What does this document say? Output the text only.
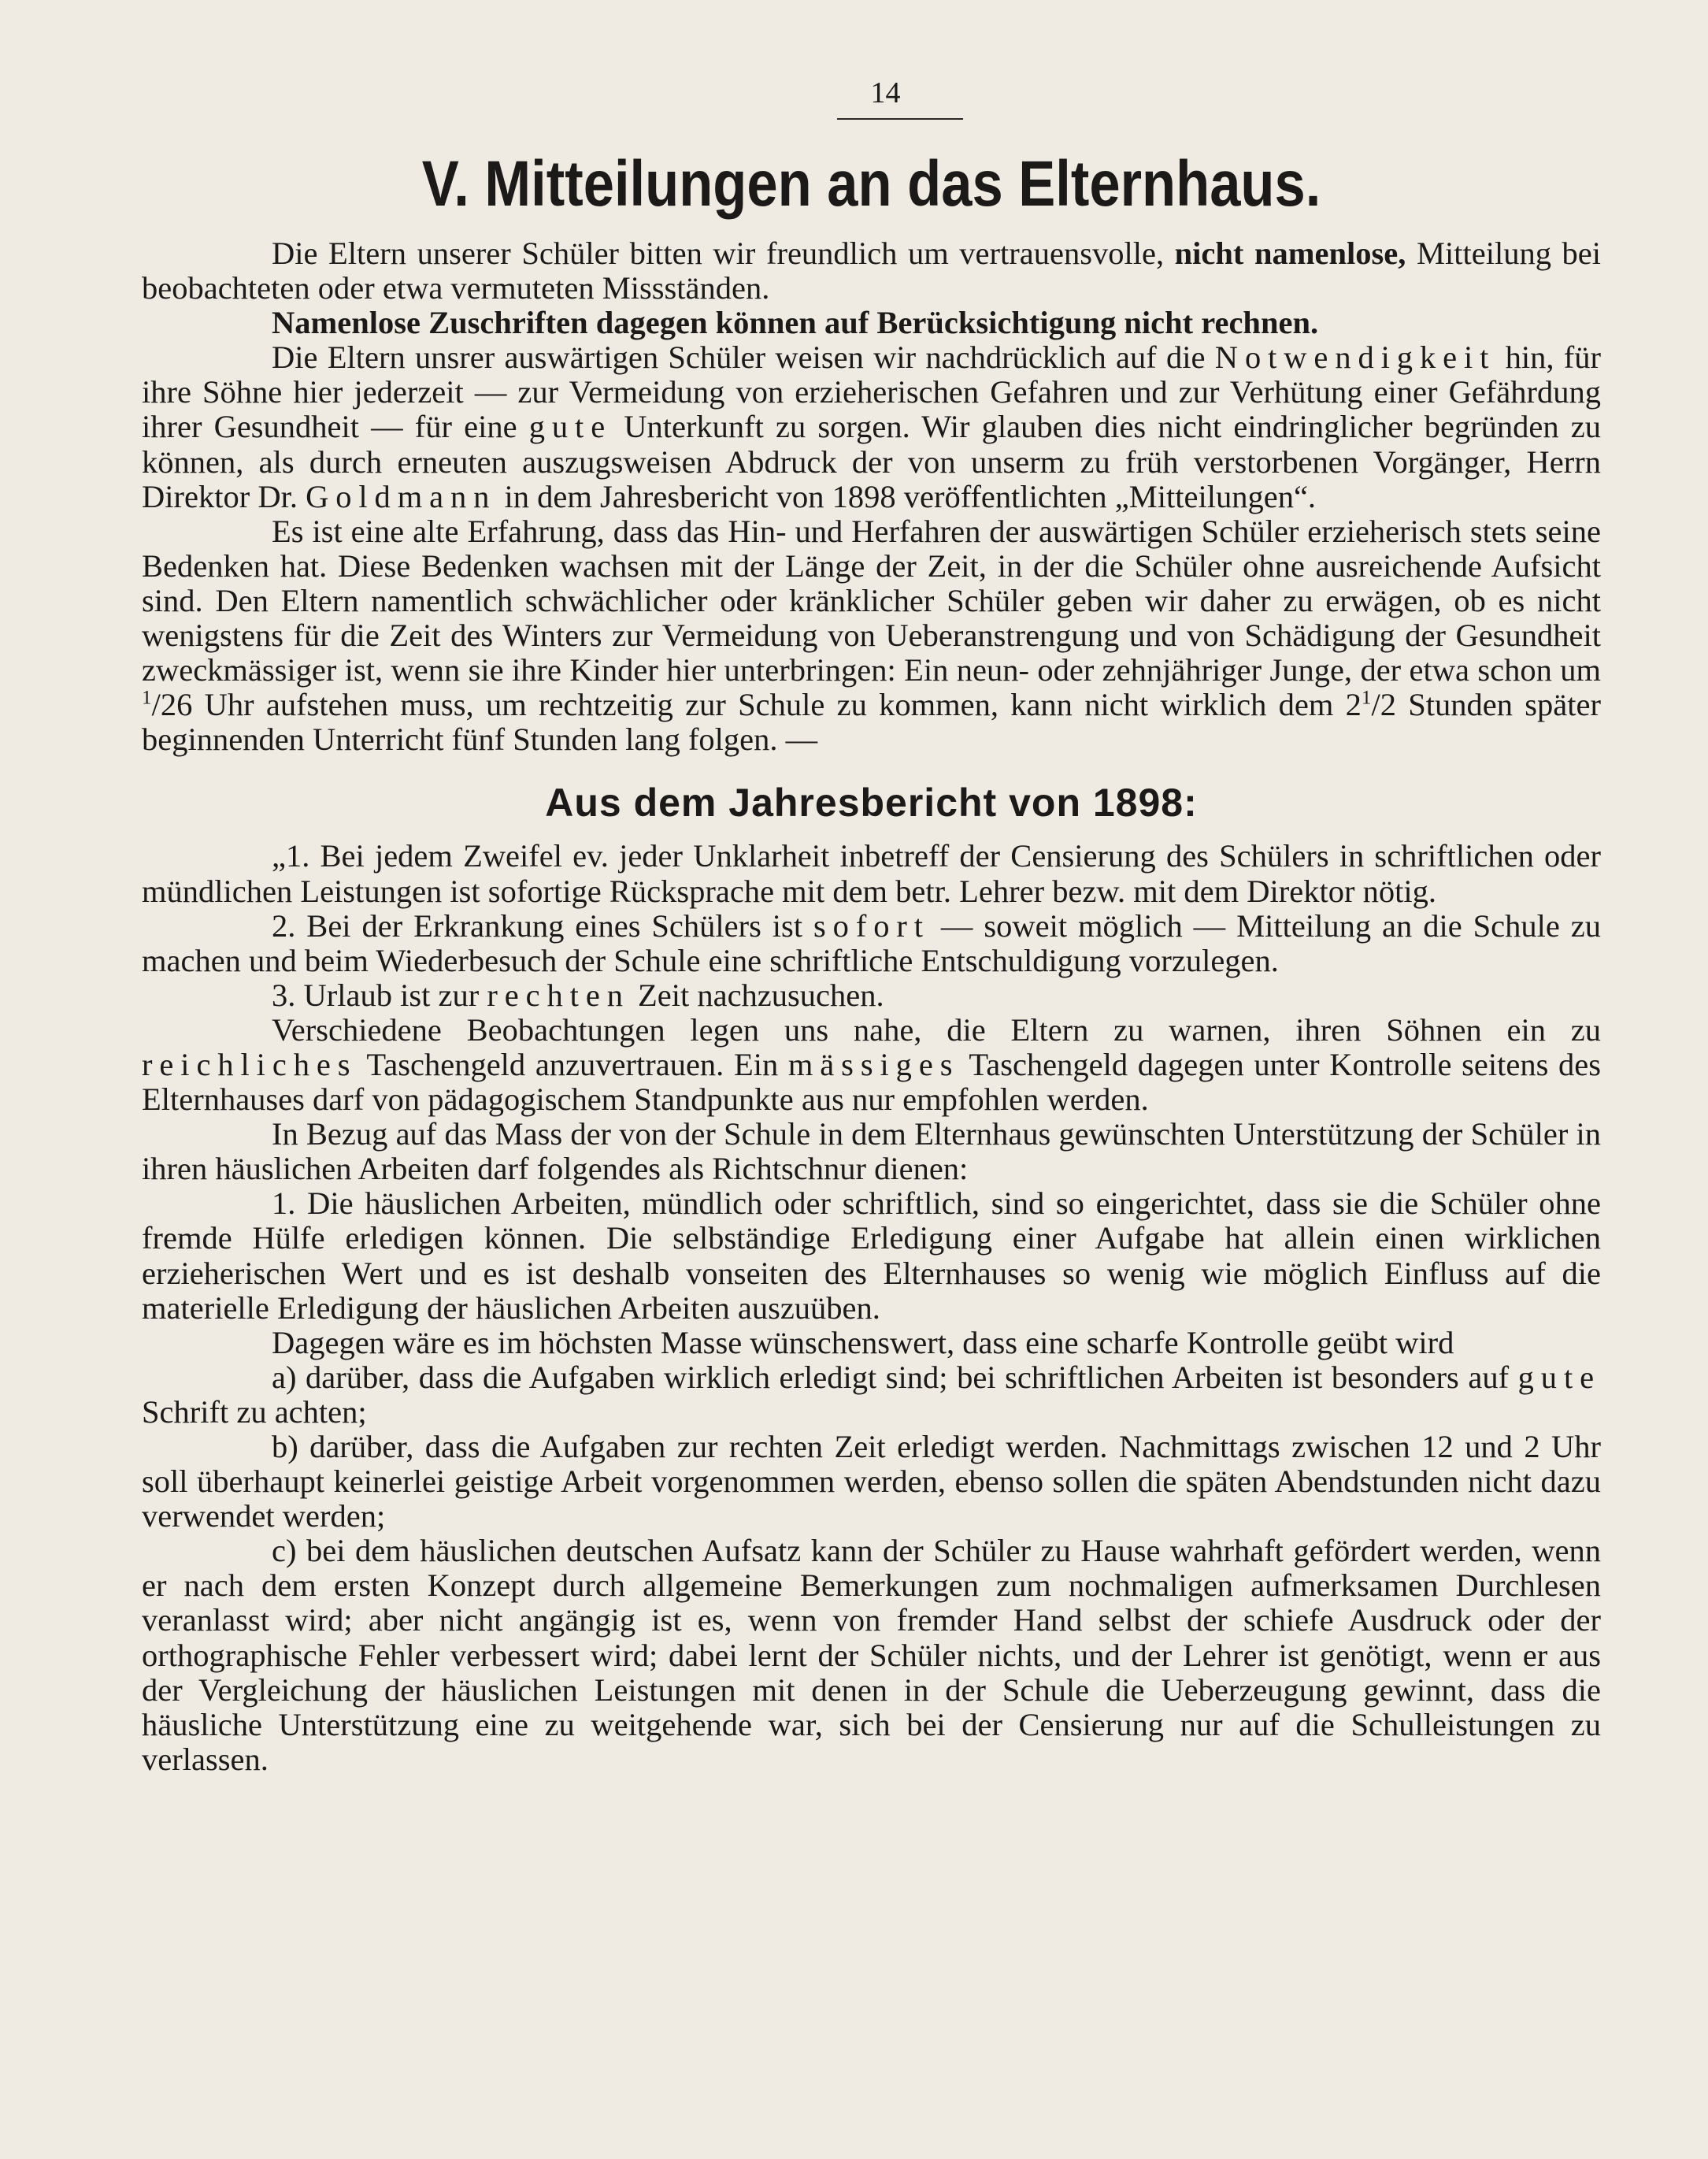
14
V. Mitteilungen an das Elternhaus.

Die Eltern unserer Schüler bitten wir freundlich um vertrauensvolle, nicht namenlose, Mitteilung bei beobachteten oder etwa vermuteten Missständen.

Namenlose Zuschriften dagegen können auf Berücksichtigung nicht rechnen.

Die Eltern unsrer auswärtigen Schüler weisen wir nachdrücklich auf die Notwendigkeit hin, für ihre Söhne hier jederzeit — zur Vermeidung von erzieherischen Gefahren und zur Verhütung einer Gefährdung ihrer Gesundheit — für eine gute Unterkunft zu sorgen. Wir glauben dies nicht eindringlicher begründen zu können, als durch erneuten auszugsweisen Abdruck der von unserm zu früh verstorbenen Vorgänger, Herrn Direktor Dr. Goldmann in dem Jahresbericht von 1898 veröffentlichten „Mitteilungen“.

Es ist eine alte Erfahrung, dass das Hin- und Herfahren der auswärtigen Schüler erzieherisch stets seine Bedenken hat. Diese Bedenken wachsen mit der Länge der Zeit, in der die Schüler ohne ausreichende Aufsicht sind. Den Eltern namentlich schwächlicher oder kränklicher Schüler geben wir daher zu erwägen, ob es nicht wenigstens für die Zeit des Winters zur Vermeidung von Ueberanstrengung und von Schädigung der Gesundheit zweckmässiger ist, wenn sie ihre Kinder hier unterbringen: Ein neun- oder zehnjähriger Junge, der etwa schon um $^1$/26 Uhr aufstehen muss, um rechtzeitig zur Schule zu kommen, kann nicht wirklich dem $2^1/2$ Stunden später beginnenden Unterricht fünf Stunden lang folgen. —

Aus dem Jahresbericht von 1898:

„1. Bei jedem Zweifel ev. jeder Unklarheit inbetreff der Censierung des Schülers in schriftlichen oder mündlichen Leistungen ist sofortige Rücksprache mit dem betr. Lehrer bezw. mit dem Direktor nötig.

2. Bei der Erkrankung eines Schülers ist sofort — soweit möglich — Mitteilung an die Schule zu machen und beim Wiederbesuch der Schule eine schriftliche Entschuldigung vorzulegen.

3. Urlaub ist zur rechten Zeit nachzusuchen.

Verschiedene Beobachtungen legen uns nahe, die Eltern zu warnen, ihren Söhnen ein zu reichliches Taschengeld anzuvertrauen. Ein mässiges Taschengeld dagegen unter Kontrolle seitens des Elternhauses darf von pädagogischem Standpunkte aus nur empfohlen werden.

In Bezug auf das Mass der von der Schule in dem Elternhaus gewünschten Unterstützung der Schüler in ihren häuslichen Arbeiten darf folgendes als Richtschnur dienen:

1. Die häuslichen Arbeiten, mündlich oder schriftlich, sind so eingerichtet, dass sie die Schüler ohne fremde Hülfe erledigen können. Die selbständige Erledigung einer Aufgabe hat allein einen wirklichen erzieherischen Wert und es ist deshalb vonseiten des Elternhauses so wenig wie möglich Einfluss auf die materielle Erledigung der häuslichen Arbeiten auszuüben.

Dagegen wäre es im höchsten Masse wünschenswert, dass eine scharfe Kontrolle geübt wird

a) darüber, dass die Aufgaben wirklich erledigt sind; bei schriftlichen Arbeiten ist besonders auf gute Schrift zu achten;

b) darüber, dass die Aufgaben zur rechten Zeit erledigt werden. Nachmittags zwischen 12 und 2 Uhr soll überhaupt keinerlei geistige Arbeit vorgenommen werden, ebenso sollen die späten Abendstunden nicht dazu verwendet werden;

c) bei dem häuslichen deutschen Aufsatz kann der Schüler zu Hause wahrhaft gefördert werden, wenn er nach dem ersten Konzept durch allgemeine Bemerkungen zum nochmaligen aufmerksamen Durchlesen veranlasst wird; aber nicht angängig ist es, wenn von fremder Hand selbst der schiefe Ausdruck oder der orthographische Fehler verbessert wird; dabei lernt der Schüler nichts, und der Lehrer ist genötigt, wenn er aus der Vergleichung der häuslichen Leistungen mit denen in der Schule die Ueberzeugung gewinnt, dass die häusliche Unterstützung eine zu weitgehende war, sich bei der Censierung nur auf die Schulleistungen zu verlassen.
